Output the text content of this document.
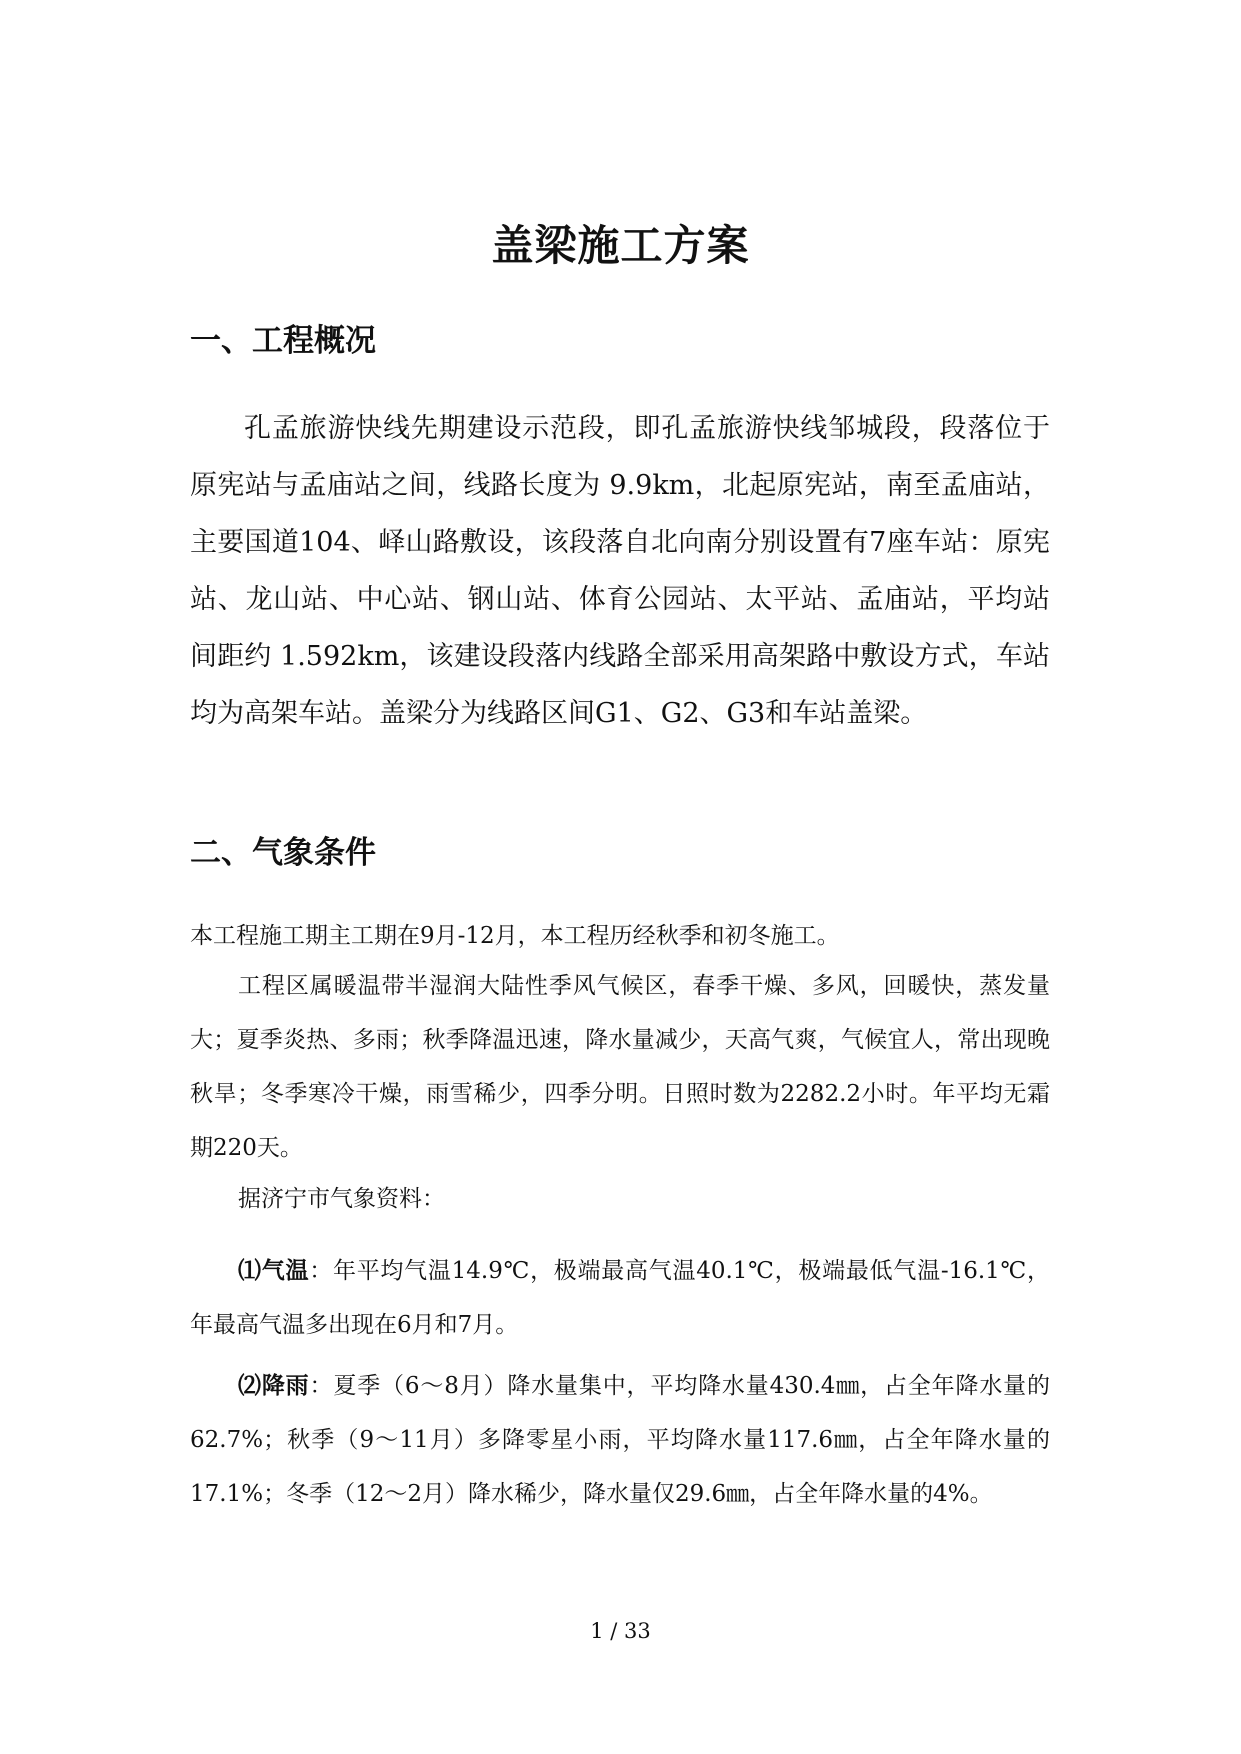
盖梁施工方案
一、工程概况

孔孟旅游快线先期建设示范段，即孔孟旅游快线邹城段，段落位于原宪站与孟庙站之间，线路长度为 9.9km，北起原宪站，南至孟庙站，主要国道104、峄山路敷设，该段落自北向南分别设置有7座车站：原宪站、龙山站、中心站、钢山站、体育公园站、太平站、孟庙站，平均站间距约 1.592km，该建设段落内线路全部采用高架路中敷设方式，车站均为高架车站。盖梁分为线路区间G1、G2、G3和车站盖梁。

二、气象条件

本工程施工期主工期在9月-12月，本工程历经秋季和初冬施工。

工程区属暖温带半湿润大陆性季风气候区，春季干燥、多风，回暖快，蒸发量大；夏季炎热、多雨；秋季降温迅速，降水量减少，天高气爽，气候宜人，常出现晚秋旱；冬季寒冷干燥，雨雪稀少，四季分明。日照时数为2282.2小时。年平均无霜期220天。

据济宁市气象资料：

⑴气温：年平均气温14.9℃，极端最高气温40.1℃，极端最低气温-16.1℃，年最高气温多出现在6月和7月。

⑵降雨：夏季（6～8月）降水量集中，平均降水量430.4㎜，占全年降水量的62.7%；秋季（9～11月）多降零星小雨，平均降水量117.6㎜，占全年降水量的17.1%；冬季（12～2月）降水稀少，降水量仅29.6㎜，占全年降水量的4%。

1 / 33
